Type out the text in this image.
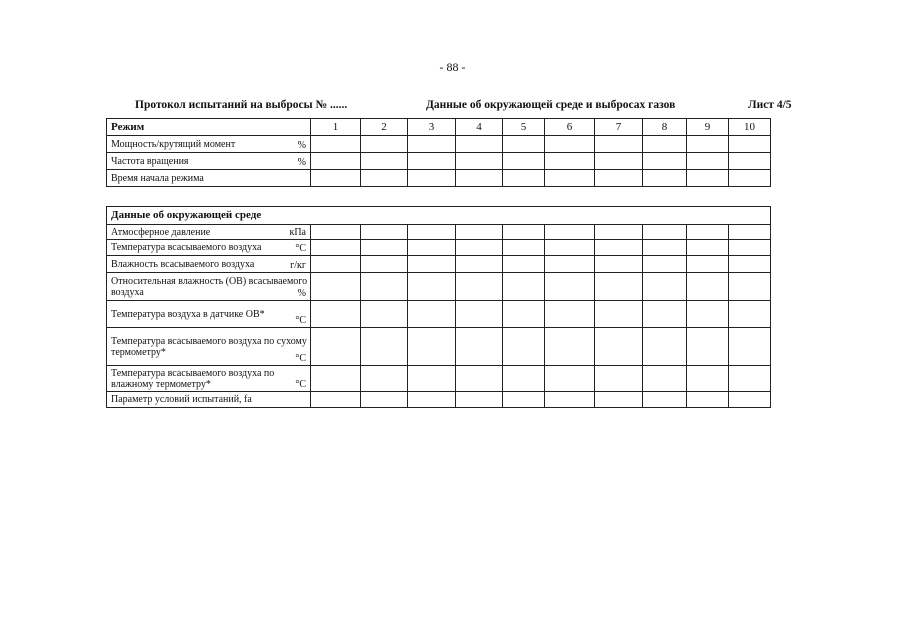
- 88 -
Протокол испытаний на выбросы № ......	Данные об окружающей среде и выбросах газов	Лист 4/5
Режим	1	2	3	4	5	6	7	8	9	10
Мощность/крутящий момент %										

Частота вращения %										

Время начала режима										
Данные об окружающей среде										
Атмосферное давление кПа										

Температура всасываемого воздуха °C										

Влажность всасываемого воздуха г/кг										

Относительная влажность (ОВ) всасываемого воздуха %										

Температура воздуха в датчике ОВ*
°C										

Температура всасываемого воздуха по сухому термометру*
°C										

Температура всасываемого воздуха по влажному термометру* °C										

Параметр условий испытаний, fa										
